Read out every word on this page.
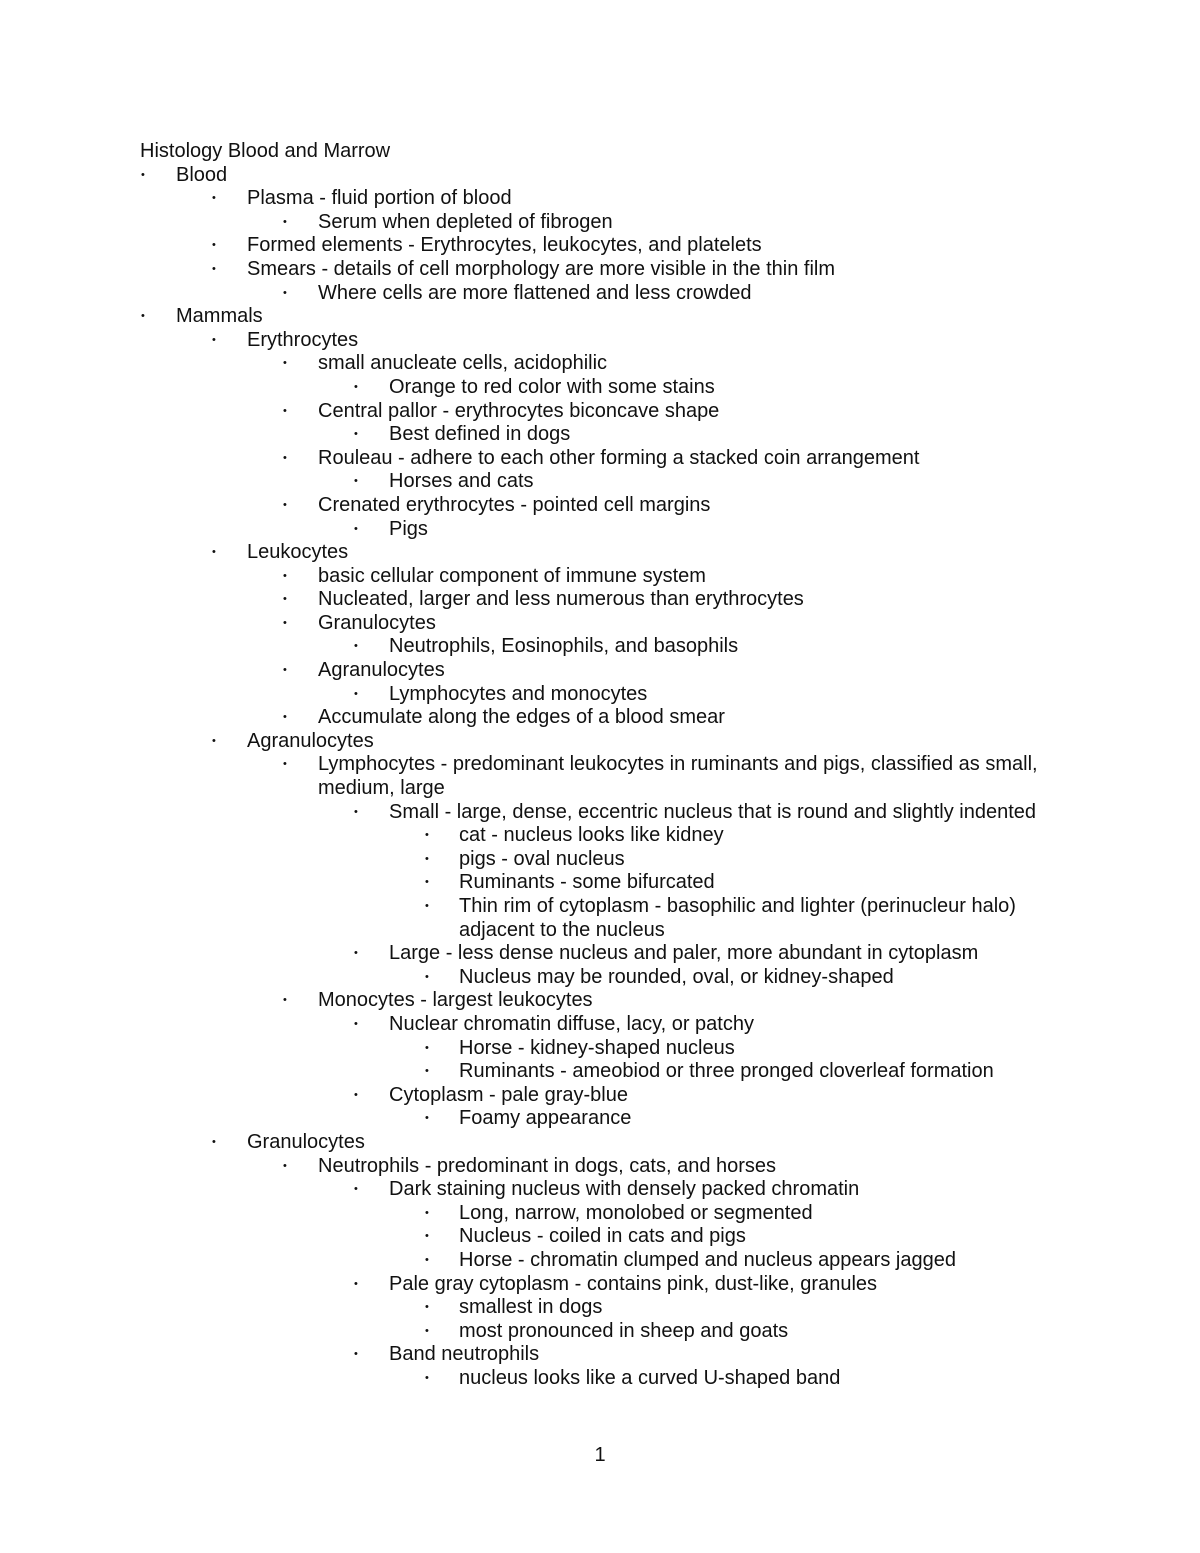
Histology Blood and Marrow
•	Blood
•	Plasma - fluid portion of blood
•	Serum when depleted of fibrogen
•	Formed elements - Erythrocytes, leukocytes, and platelets
•	Smears - details of cell morphology are more visible in the thin film
•	Where cells are more flattened and less crowded
•	Mammals
•	Erythrocytes
•	small anucleate cells, acidophilic
•	Orange to red color with some stains
•	Central pallor - erythrocytes biconcave shape
•	Best defined in dogs
•	Rouleau - adhere to each other forming a stacked coin arrangement
•	Horses and cats
•	Crenated erythrocytes - pointed cell margins
•	Pigs
•	Leukocytes
•	basic cellular component of immune system
•	Nucleated, larger and less numerous than erythrocytes
•	Granulocytes
•	Neutrophils, Eosinophils, and basophils
•	Agranulocytes
•	Lymphocytes and monocytes
•	Accumulate along the edges of a blood smear
•	Agranulocytes
•	Lymphocytes - predominant leukocytes in ruminants and pigs, classified as small, medium, large
•	Small - large, dense, eccentric nucleus that is round and slightly indented
•	cat - nucleus looks like kidney
•	pigs - oval nucleus
•	Ruminants - some bifurcated
•	Thin rim of cytoplasm - basophilic and lighter (perinucleur halo) adjacent to the nucleus
•	Large - less dense nucleus and paler, more abundant in cytoplasm
•	Nucleus may be rounded, oval, or kidney-shaped
•	Monocytes - largest leukocytes
•	Nuclear chromatin diffuse, lacy, or patchy
•	Horse - kidney-shaped nucleus
•	Ruminants - ameobiod or three pronged cloverleaf formation
•	Cytoplasm - pale gray-blue
•	Foamy appearance
•	Granulocytes
•	Neutrophils - predominant in dogs, cats, and horses
•	Dark staining nucleus with densely packed chromatin
•	Long, narrow, monolobed or segmented
•	Nucleus - coiled in cats and pigs
•	Horse - chromatin clumped and nucleus appears jagged
•	Pale gray cytoplasm - contains pink, dust-like, granules
•	smallest in dogs
•	most pronounced in sheep and goats
•	Band neutrophils
•	nucleus looks like a curved U-shaped band
1
